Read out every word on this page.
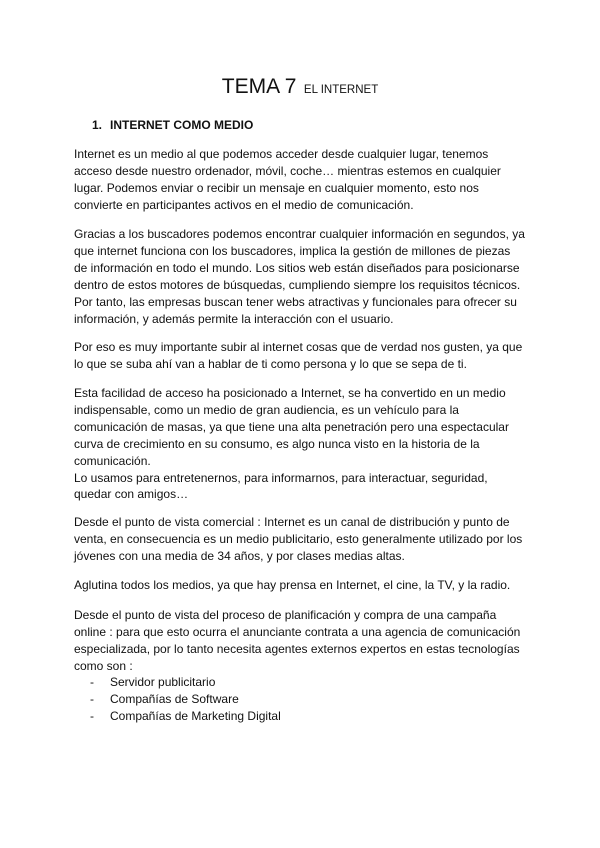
TEMA 7 EL INTERNET
1. INTERNET COMO MEDIO
Internet es un medio al que podemos acceder desde cualquier lugar, tenemos
acceso desde nuestro ordenador, móvil, coche… mientras estemos en cualquier
lugar. Podemos enviar o recibir un mensaje en cualquier momento, esto nos
convierte en participantes activos en el medio de comunicación.
Gracias a los buscadores podemos encontrar cualquier información en segundos, ya
que internet funciona con los buscadores, implica la gestión de millones de piezas
de información en todo el mundo. Los sitios web están diseñados para posicionarse
dentro de estos motores de búsquedas, cumpliendo siempre los requisitos técnicos.
Por tanto, las empresas buscan tener webs atractivas y funcionales para ofrecer su
información, y además permite la interacción con el usuario.
Por eso es muy importante subir al internet cosas que de verdad nos gusten, ya que
lo que se suba ahí van a hablar de ti como persona y lo que se sepa de ti.
Esta facilidad de acceso ha posicionado a Internet, se ha convertido en un medio
indispensable, como un medio de gran audiencia, es un vehículo para la
comunicación de masas, ya que tiene una alta penetración pero una espectacular
curva de crecimiento en su consumo, es algo nunca visto en la historia de la
comunicación.
Lo usamos para entretenernos, para informarnos, para interactuar, seguridad,
quedar con amigos…
Desde el punto de vista comercial : Internet es un canal de distribución y punto de
venta, en consecuencia es un medio publicitario, esto generalmente utilizado por los
jóvenes con una media de 34 años, y por clases medias altas.
Aglutina todos los medios, ya que hay prensa en Internet, el cine, la TV, y la radio.
Desde el punto de vista del proceso de planificación y compra de una campaña
online : para que esto ocurra el anunciante contrata a una agencia de comunicación
especializada, por lo tanto necesita agentes externos expertos en estas tecnologías
como son :
- Servidor publicitario
- Compañías de Software
- Compañías de Marketing Digital
